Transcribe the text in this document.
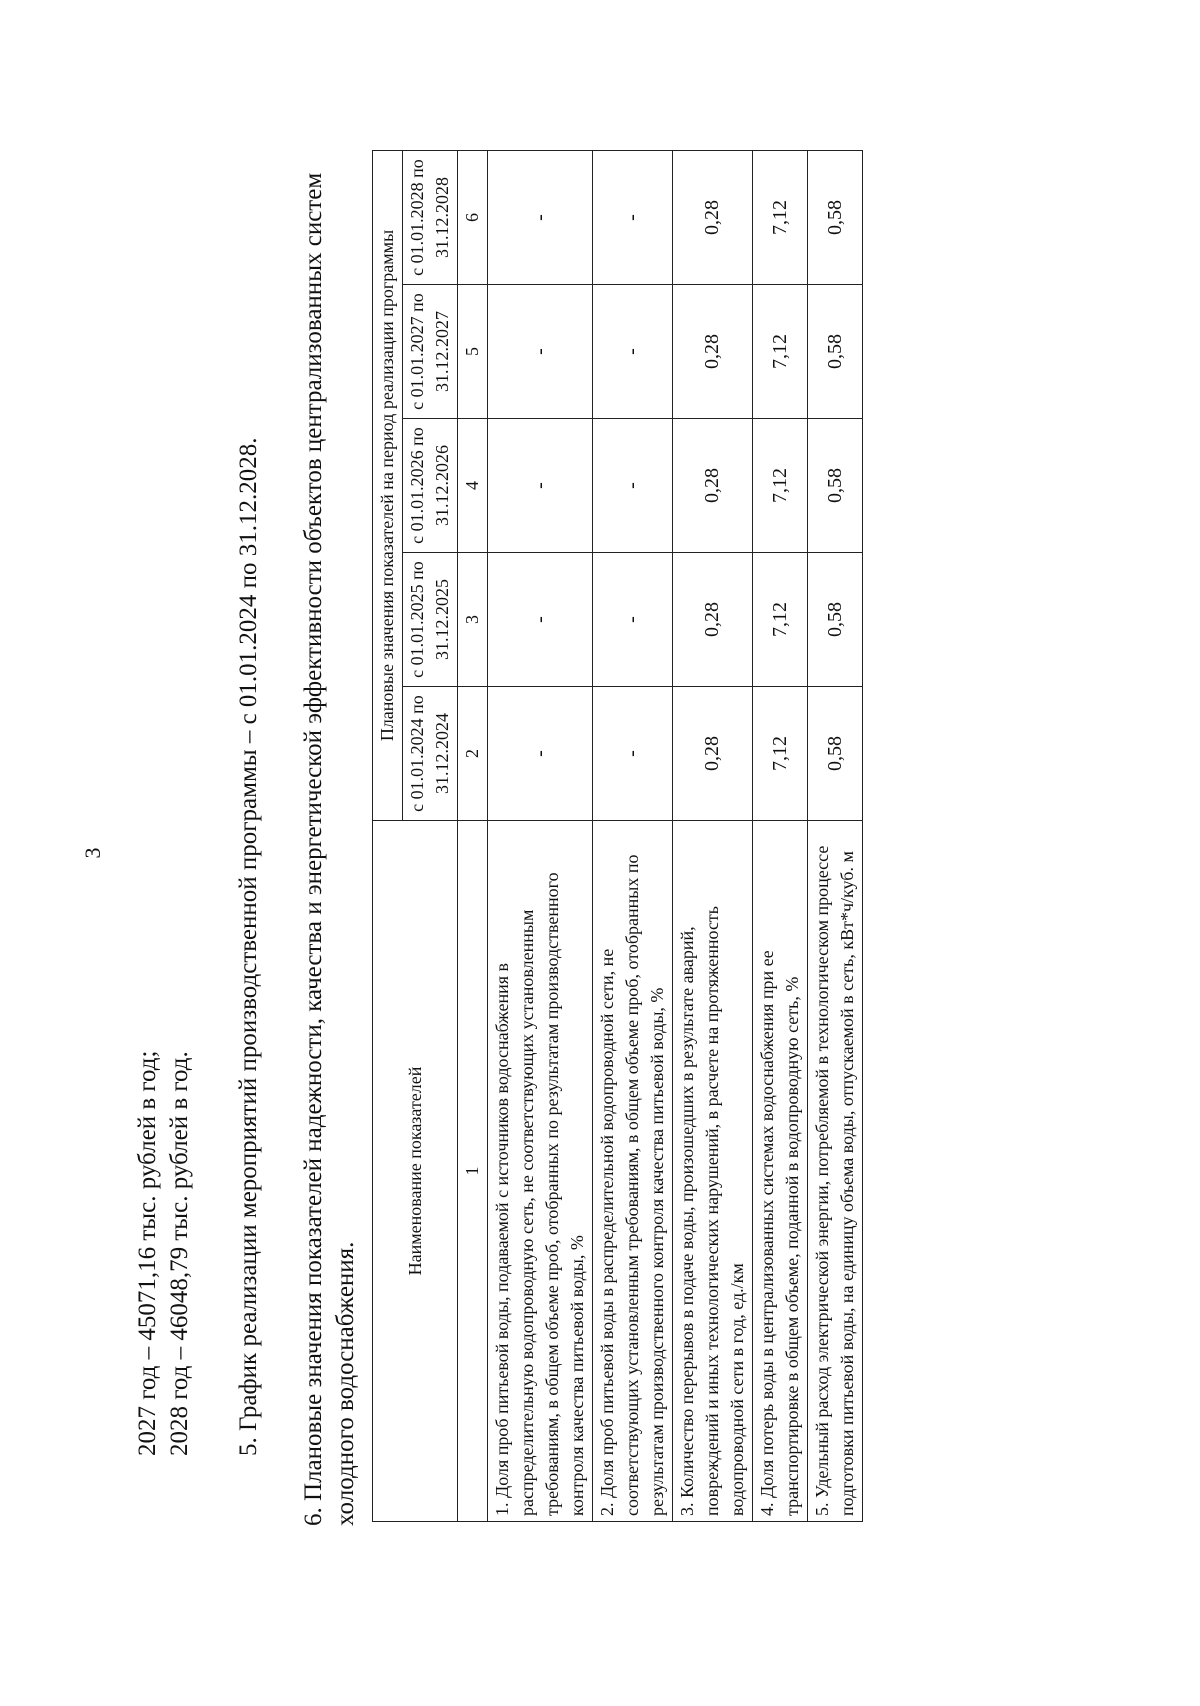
3
2027 год – 45071,16 тыс. рублей в год; 2028 год – 46048,79 тыс. рублей в год. 5. График реализации мероприятий производственной программы – с 01.01.2024 по 31.12.2028. 6. Плановые значения показателей надежности, качества и энергетической эффективности объектов централизованных систем холодного водоснабжения.
Наименование показателей	Плановые значения показателей на период реализации программы				
	с 01.01.2024 по 31.12.2024	с 01.01.2025 по 31.12.2025	с 01.01.2026 по 31.12.2026	с 01.01.2027 по 31.12.2027	с 01.01.2028 по 31.12.2028
1	2	3	4	5	6
1. Доля проб питьевой воды, подаваемой с источников водоснабжения в распределительную водопроводную сеть, не соответствующих установленным требованиям, в общем объеме проб, отобранных по результатам производственного контроля качества питьевой воды, %	-	-	-	-	-
2. Доля проб питьевой воды в распределительной водопроводной сети, не соответствующих установленным требованиям, в общем объеме проб, отобранных по результатам производственного контроля качества питьевой воды, %	-	-	-	-	-
3. Количество перерывов в подаче воды, произошедших в результате аварий, повреждений и иных технологических нарушений, в расчете на протяженность водопроводной сети в год, ед./км	0,28	0,28	0,28	0,28	0,28
4. Доля потерь воды в централизованных системах водоснабжения при ее транспортировке в общем объеме, поданной в водопроводную сеть, %	7,12	7,12	7,12	7,12	7,12
5. Удельный расход электрической энергии, потребляемой в технологическом процессе подготовки питьевой воды, на единицу объема воды, отпускаемой в сеть, кВт*ч/куб. м	0,58	0,58	0,58	0,58	0,58
